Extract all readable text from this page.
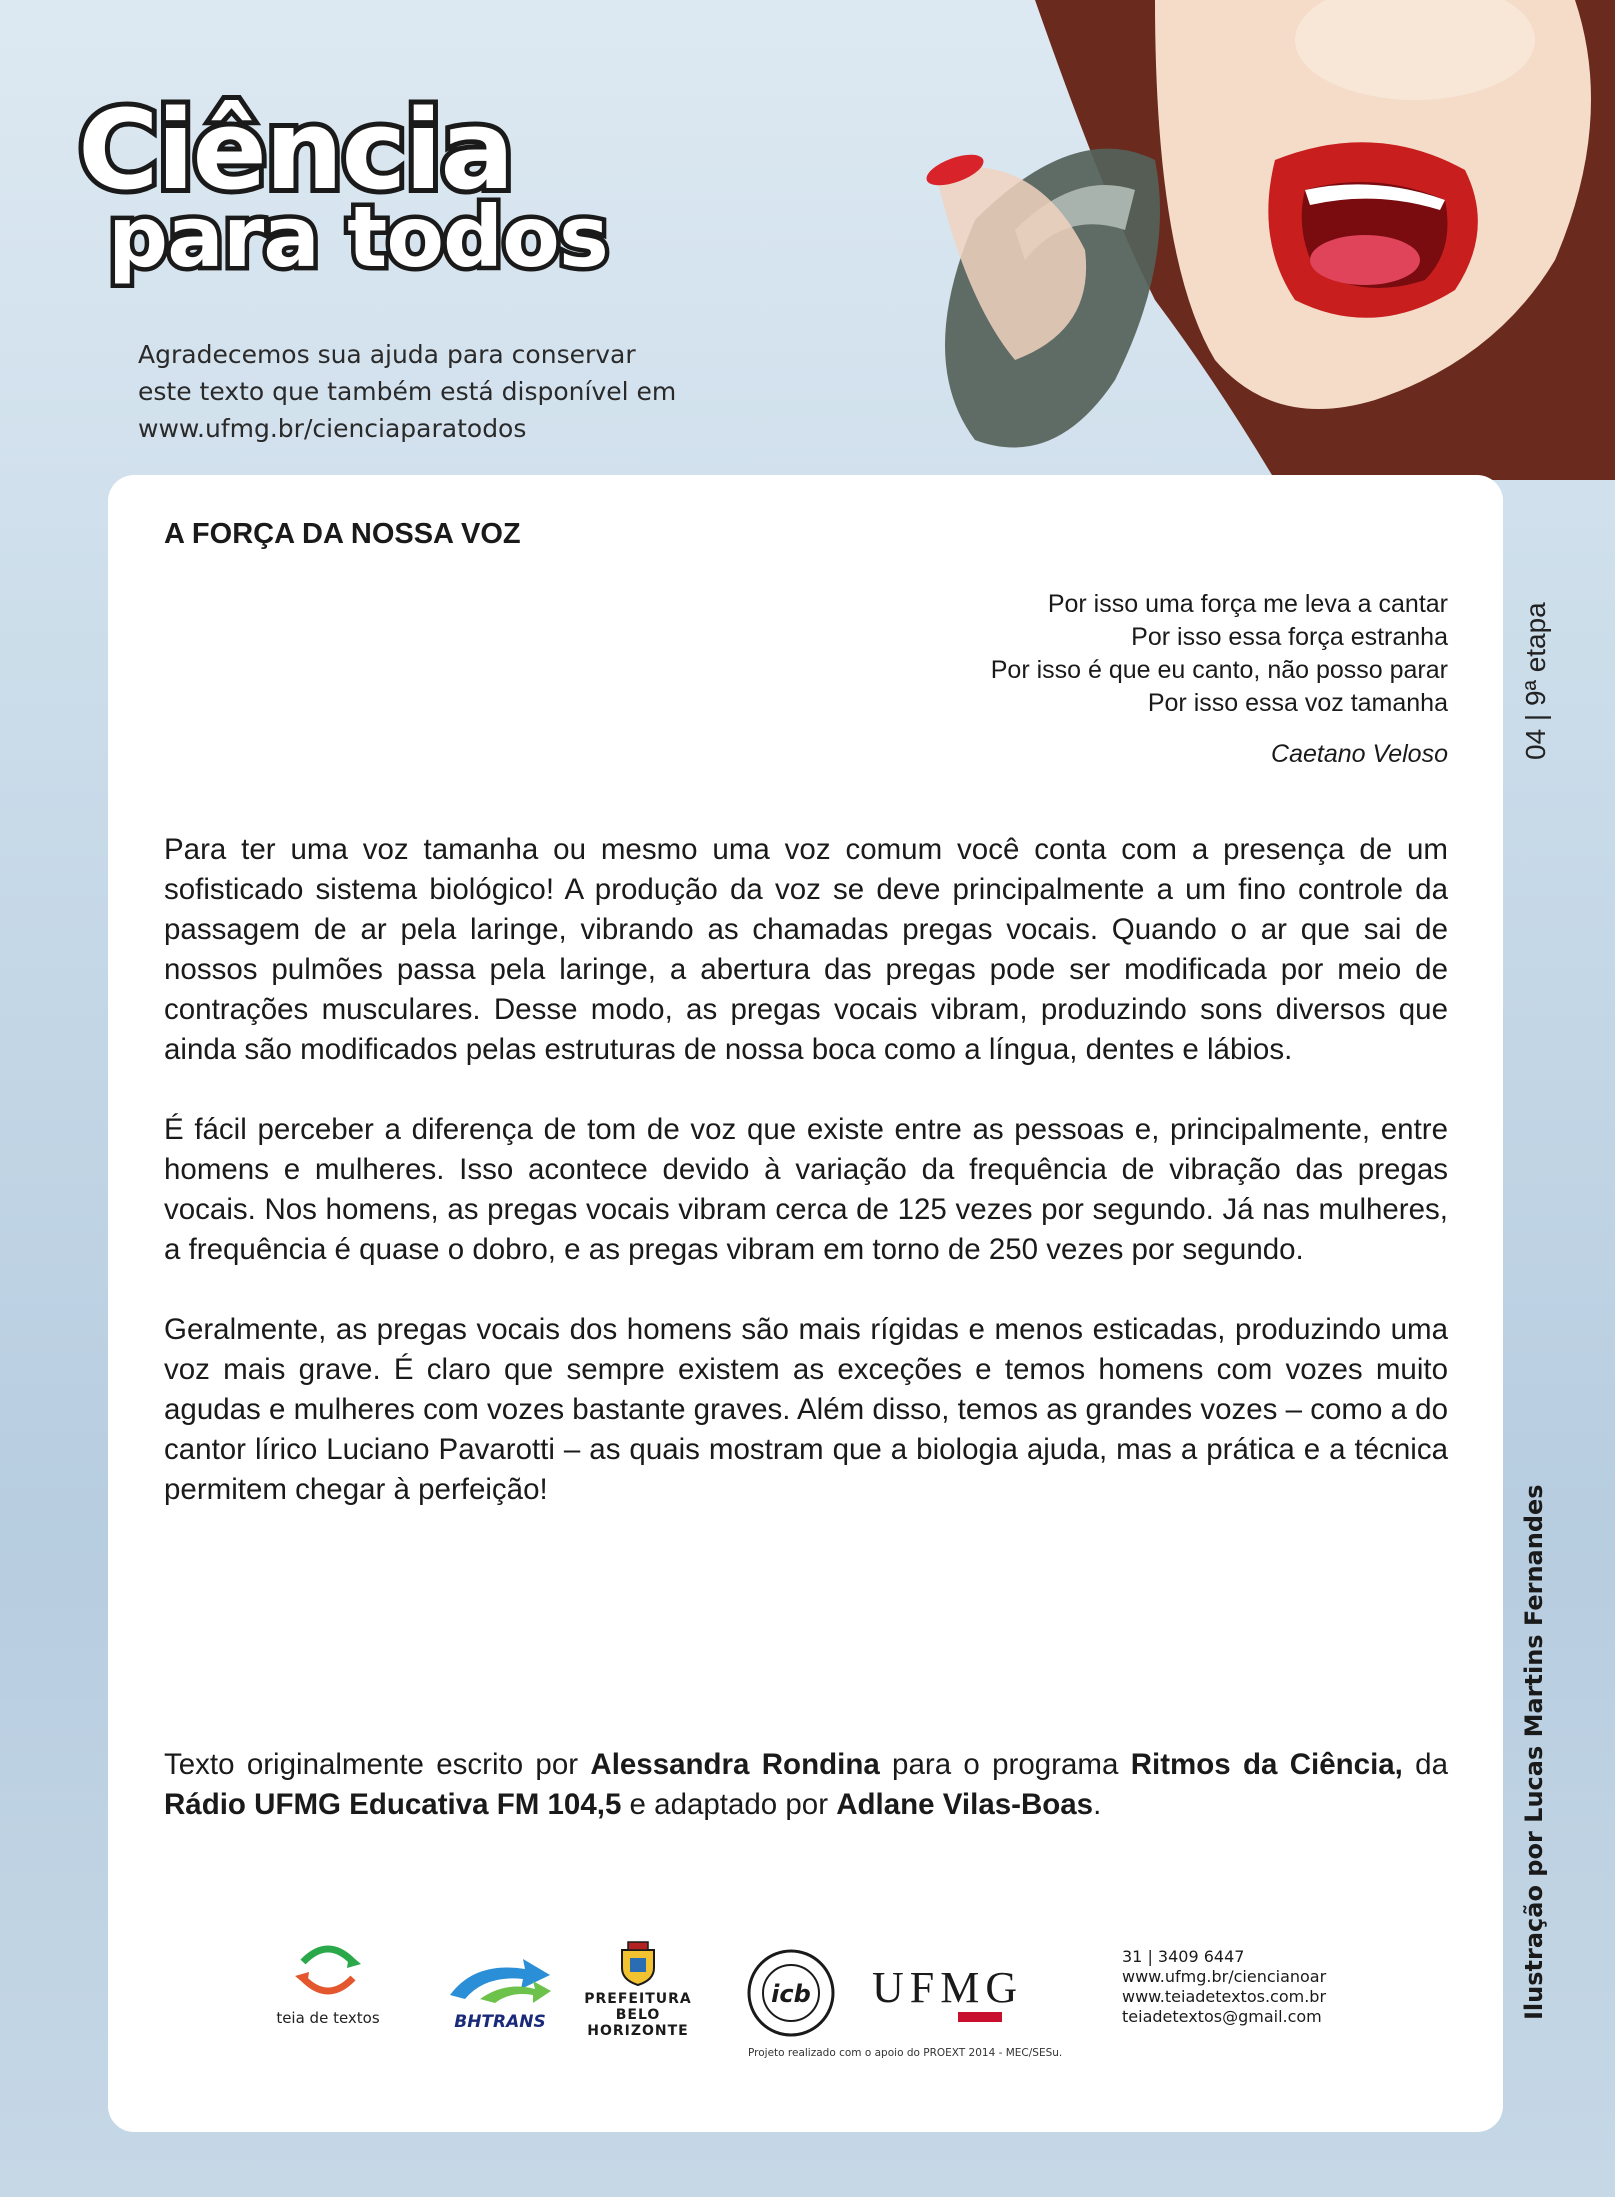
Ciência
para todos
Agradecemos sua ajuda para conservar
este texto que também está disponível em
www.ufmg.br/cienciaparatodos
04 | 9ª etapa
Ilustração por Lucas Martins Fernandes
A FORÇA DA NOSSA VOZ
Por isso uma força me leva a cantar
Por isso essa força estranha
Por isso é que eu canto, não posso parar
Por isso essa voz tamanha
Caetano Veloso

Para ter uma voz tamanha ou mesmo uma voz comum você conta com a presença de um sofisticado sistema biológico! A produção da voz se deve principalmente a um fino controle da passagem de ar pela laringe, vibrando as chamadas pregas vocais. Quando o ar que sai de nossos pulmões passa pela laringe, a abertura das pregas pode ser modificada por meio de contrações musculares. Desse modo, as pregas vocais vibram, produzindo sons diversos que ainda são modificados pelas estruturas de nossa boca como a língua, dentes e lábios.

É fácil perceber a diferença de tom de voz que existe entre as pessoas e, principalmente, entre homens e mulheres. Isso acontece devido à variação da frequência de vibração das pregas vocais. Nos homens, as pregas vocais vibram cerca de 125 vezes por segundo. Já nas mulheres, a frequência é quase o dobro, e as pregas vibram em torno de 250 vezes por segundo.

Geralmente, as pregas vocais dos homens são mais rígidas e menos esticadas, produzindo uma voz mais grave. É claro que sempre existem as exceções e temos homens com vozes muito agudas e mulheres com vozes bastante graves. Além disso, temos as grandes vozes – como a do cantor lírico Luciano Pavarotti – as quais mostram que a biologia ajuda, mas a prática e a técnica permitem chegar à perfeição!

Texto originalmente escrito por Alessandra Rondina para o programa Ritmos da Ciência, da Rádio UFMG Educativa FM 104,5 e adaptado por Adlane Vilas-Boas.
teia de textos	BHTRANS
PREFEITURA
BELO HORIZONTE
icb UFMG
Projeto realizado com o apoio do PROEXT 2014 - MEC/SESu.
31 | 3409 6447
www.ufmg.br/ciencianoar
www.teiadetextos.com.br
teiadetextos@gmail.com
